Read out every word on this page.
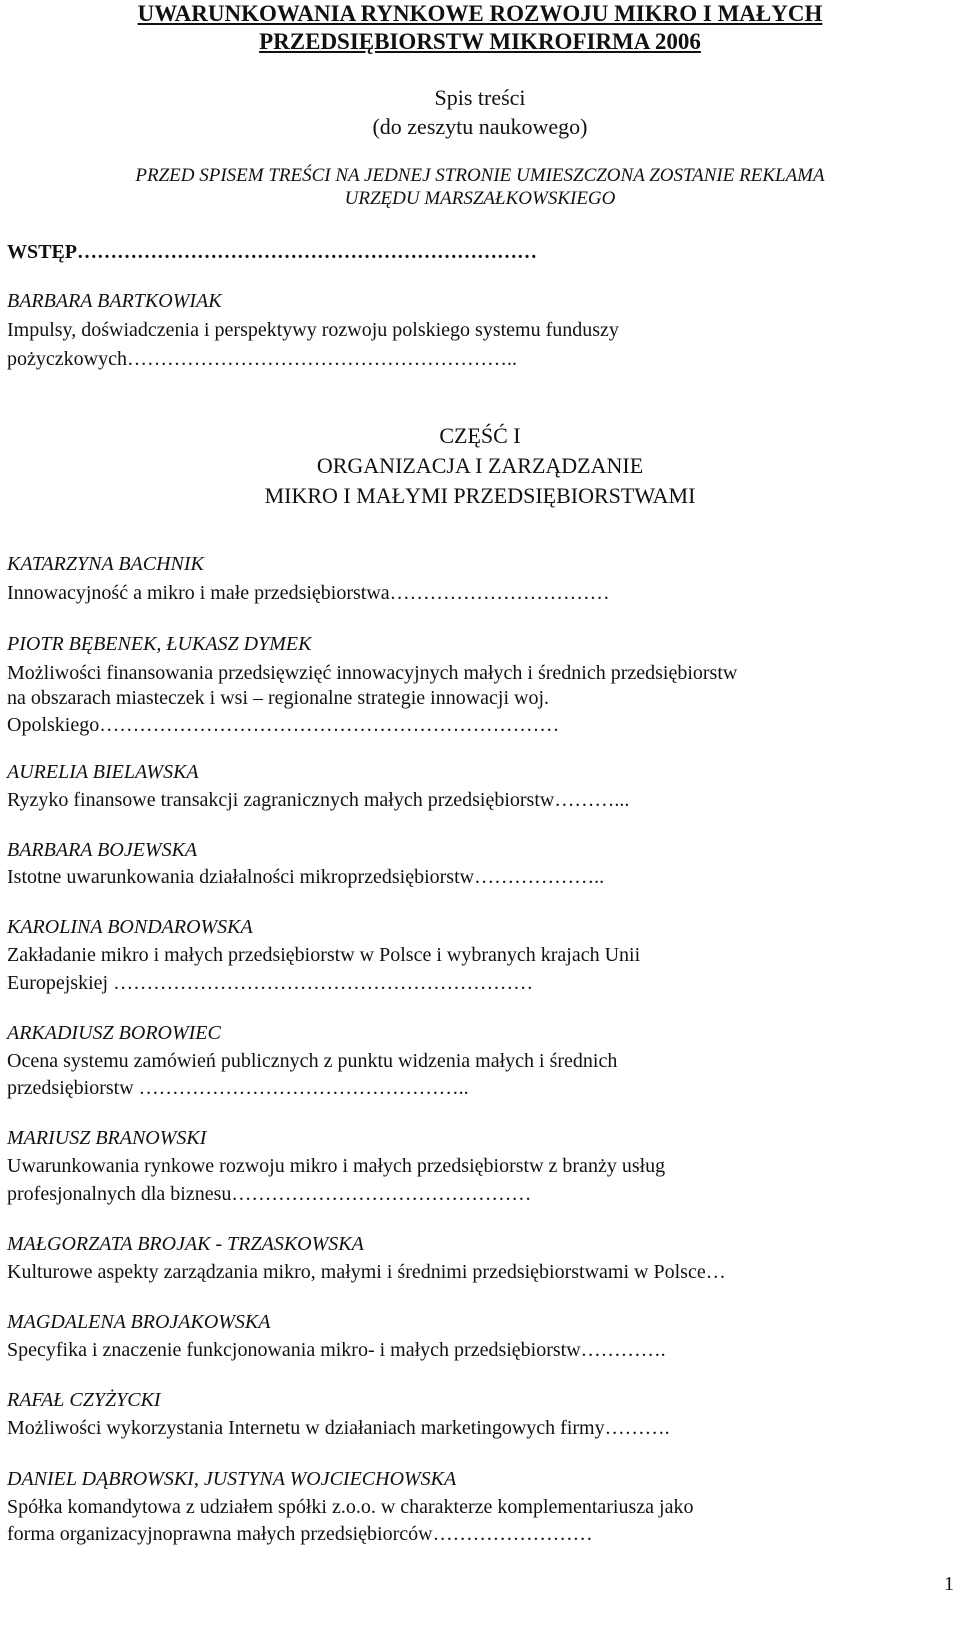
UWARUNKOWANIA RYNKOWE ROZWOJU MIKRO I MAŁYCH
PRZEDSIĘBIORSTW MIKROFIRMA 2006
Spis treści
(do zeszytu naukowego)
PRZED SPISEM TREŚCI NA JEDNEJ STRONIE UMIESZCZONA ZOSTANIE REKLAMA
URZĘDU MARSZAŁKOWSKIEGO
WSTĘP……………………………………………………………
BARBARA BARTKOWIAK
Impulsy, doświadczenia i perspektywy rozwoju polskiego systemu funduszy
pożyczkowych…………………………………………………..
CZĘŚĆ I
ORGANIZACJA I ZARZĄDZANIE
MIKRO I MAŁYMI PRZEDSIĘBIORSTWAMI
KATARZYNA BACHNIK
Innowacyjność a mikro i małe przedsiębiorstwa……………………………
PIOTR BĘBENEK, ŁUKASZ DYMEK
Możliwości finansowania przedsięwzięć innowacyjnych małych i średnich przedsiębiorstw
na obszarach miasteczek i wsi – regionalne strategie innowacji woj.
Opolskiego……………………………………………………………
AURELIA BIELAWSKA
Ryzyko finansowe transakcji zagranicznych małych przedsiębiorstw………...
BARBARA BOJEWSKA
Istotne uwarunkowania działalności mikroprzedsiębiorstw………………..
KAROLINA BONDAROWSKA
Zakładanie mikro i małych przedsiębiorstw w Polsce i wybranych krajach Unii
Europejskiej ………………………………………………………
ARKADIUSZ BOROWIEC
Ocena systemu zamówień publicznych z punktu widzenia małych i średnich
przedsiębiorstw …………………………………………..
MARIUSZ BRANOWSKI
Uwarunkowania rynkowe rozwoju mikro i małych przedsiębiorstw z branży usług
profesjonalnych dla biznesu………………………………………
MAŁGORZATA BROJAK - TRZASKOWSKA
Kulturowe aspekty zarządzania mikro, małymi i średnimi przedsiębiorstwami w Polsce…
MAGDALENA BROJAKOWSKA
Specyfika i znaczenie funkcjonowania mikro- i małych przedsiębiorstw………….
RAFAŁ CZYŻYCKI
Możliwości wykorzystania Internetu w działaniach marketingowych firmy……….
DANIEL DĄBROWSKI, JUSTYNA WOJCIECHOWSKA
Spółka komandytowa z udziałem spółki z.o.o. w charakterze komplementariusza jako
forma organizacyjnoprawna małych przedsiębiorców……………………
1
